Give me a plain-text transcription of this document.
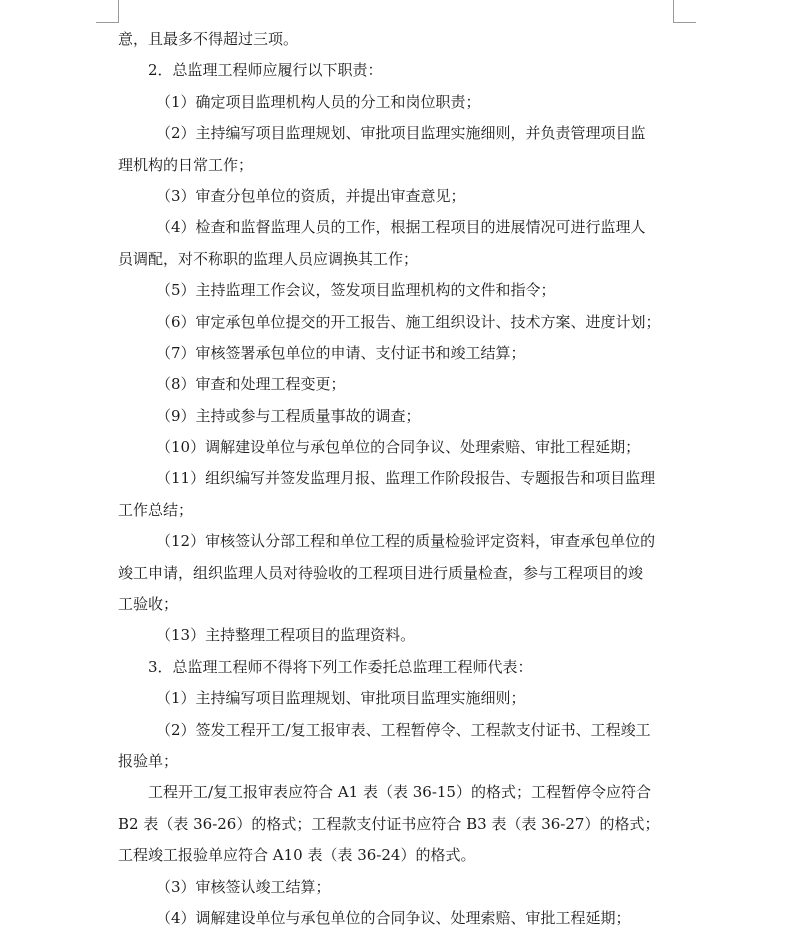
意，且最多不得超过三项。
2．总监理工程师应履行以下职责：
（1）确定项目监理机构人员的分工和岗位职责；
（2）主持编写项目监理规划、审批项目监理实施细则，并负责管理项目监
理机构的日常工作；
（3）审查分包单位的资质，并提出审查意见；
（4）检查和监督监理人员的工作，根据工程项目的进展情况可进行监理人
员调配，对不称职的监理人员应调换其工作；
（5）主持监理工作会议，签发项目监理机构的文件和指令；
（6）审定承包单位提交的开工报告、施工组织设计、技术方案、进度计划；
（7）审核签署承包单位的申请、支付证书和竣工结算；
（8）审查和处理工程变更；
（9）主持或参与工程质量事故的调查；
（10）调解建设单位与承包单位的合同争议、处理索赔、审批工程延期；
（11）组织编写并签发监理月报、监理工作阶段报告、专题报告和项目监理
工作总结；
（12）审核签认分部工程和单位工程的质量检验评定资料，审查承包单位的
竣工申请，组织监理人员对待验收的工程项目进行质量检查，参与工程项目的竣
工验收；
（13）主持整理工程项目的监理资料。
3．总监理工程师不得将下列工作委托总监理工程师代表：
（1）主持编写项目监理规划、审批项目监理实施细则；
（2）签发工程开工/复工报审表、工程暂停令、工程款支付证书、工程竣工
报验单；
工程开工/复工报审表应符合 A1 表（表 36-15）的格式；工程暂停令应符合
B2 表（表 36-26）的格式；工程款支付证书应符合 B3 表（表 36-27）的格式；
工程竣工报验单应符合 A10 表（表 36-24）的格式。
（3）审核签认竣工结算；
（4）调解建设单位与承包单位的合同争议、处理索赔、审批工程延期；
